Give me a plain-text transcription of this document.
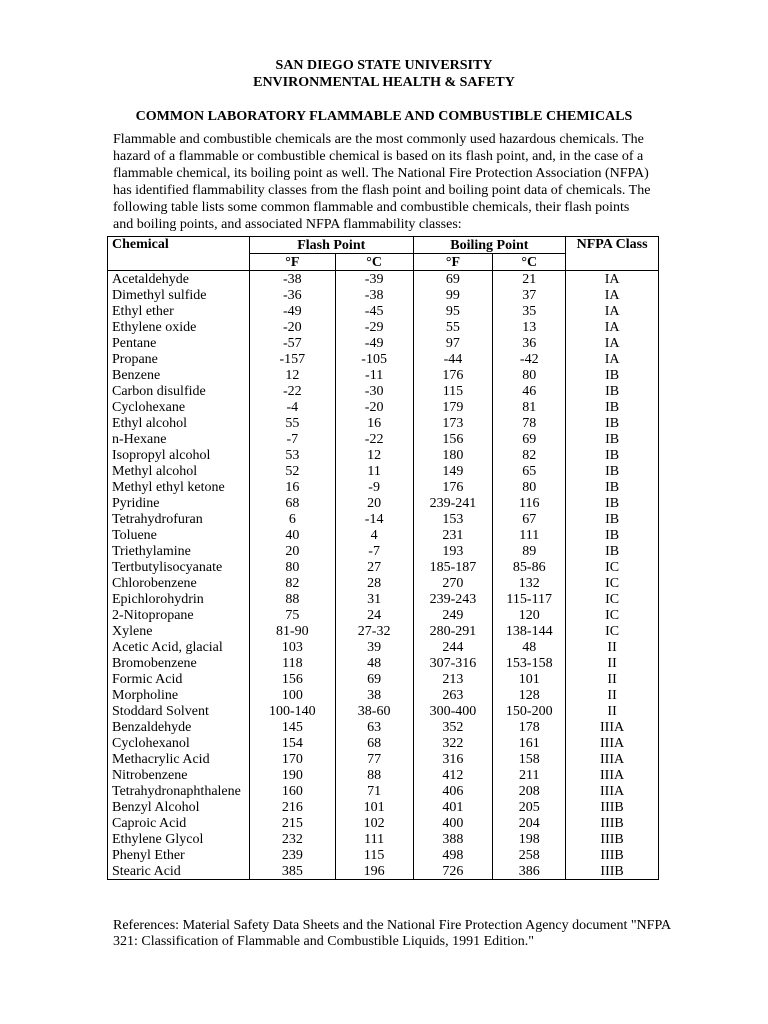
SAN DIEGO STATE UNIVERSITY
ENVIRONMENTAL HEALTH & SAFETY
COMMON LABORATORY FLAMMABLE AND COMBUSTIBLE CHEMICALS

Flammable and combustible chemicals are the most commonly used hazardous chemicals. The hazard of a flammable or combustible chemical is based on its flash point, and, in the case of a flammable chemical, its boiling point as well. The National Fire Protection Association (NFPA) has identified flammability classes from the flash point and boiling point data of chemicals. The following table lists some common flammable and combustible chemicals, their flash points and boiling points, and associated NFPA flammability classes:

Chemical	Flash Point		Boiling Point		NFPA Class
	°F	°C	°F	°C	
Acetaldehyde	-38	-39	69	21	IA
Dimethyl sulfide	-36	-38	99	37	IA
Ethyl ether	-49	-45	95	35	IA
Ethylene oxide	-20	-29	55	13	IA
Pentane	-57	-49	97	36	IA
Propane	-157	-105	-44	-42	IA
Benzene	12	-11	176	80	IB
Carbon disulfide	-22	-30	115	46	IB
Cyclohexane	-4	-20	179	81	IB
Ethyl alcohol	55	16	173	78	IB
n-Hexane	-7	-22	156	69	IB
Isopropyl alcohol	53	12	180	82	IB
Methyl alcohol	52	11	149	65	IB
Methyl ethyl ketone	16	-9	176	80	IB
Pyridine	68	20	239-241	116	IB
Tetrahydrofuran	6	-14	153	67	IB
Toluene	40	4	231	111	IB
Triethylamine	20	-7	193	89	IB
Tertbutylisocyanate	80	27	185-187	85-86	IC
Chlorobenzene	82	28	270	132	IC
Epichlorohydrin	88	31	239-243	115-117	IC
2-Nitopropane	75	24	249	120	IC
Xylene	81-90	27-32	280-291	138-144	IC
Acetic Acid, glacial	103	39	244	48	II
Bromobenzene	118	48	307-316	153-158	II
Formic Acid	156	69	213	101	II
Morpholine	100	38	263	128	II
Stoddard Solvent	100-140	38-60	300-400	150-200	II
Benzaldehyde	145	63	352	178	IIIA
Cyclohexanol	154	68	322	161	IIIA
Methacrylic Acid	170	77	316	158	IIIA
Nitrobenzene	190	88	412	211	IIIA
Tetrahydronaphthalene	160	71	406	208	IIIA
Benzyl Alcohol	216	101	401	205	IIIB
Caproic Acid	215	102	400	204	IIIB
Ethylene Glycol	232	111	388	198	IIIB
Phenyl Ether	239	115	498	258	IIIB
Stearic Acid	385	196	726	386	IIIB

References: Material Safety Data Sheets and the National Fire Protection Agency document "NFPA 321: Classification of Flammable and Combustible Liquids, 1991 Edition."
